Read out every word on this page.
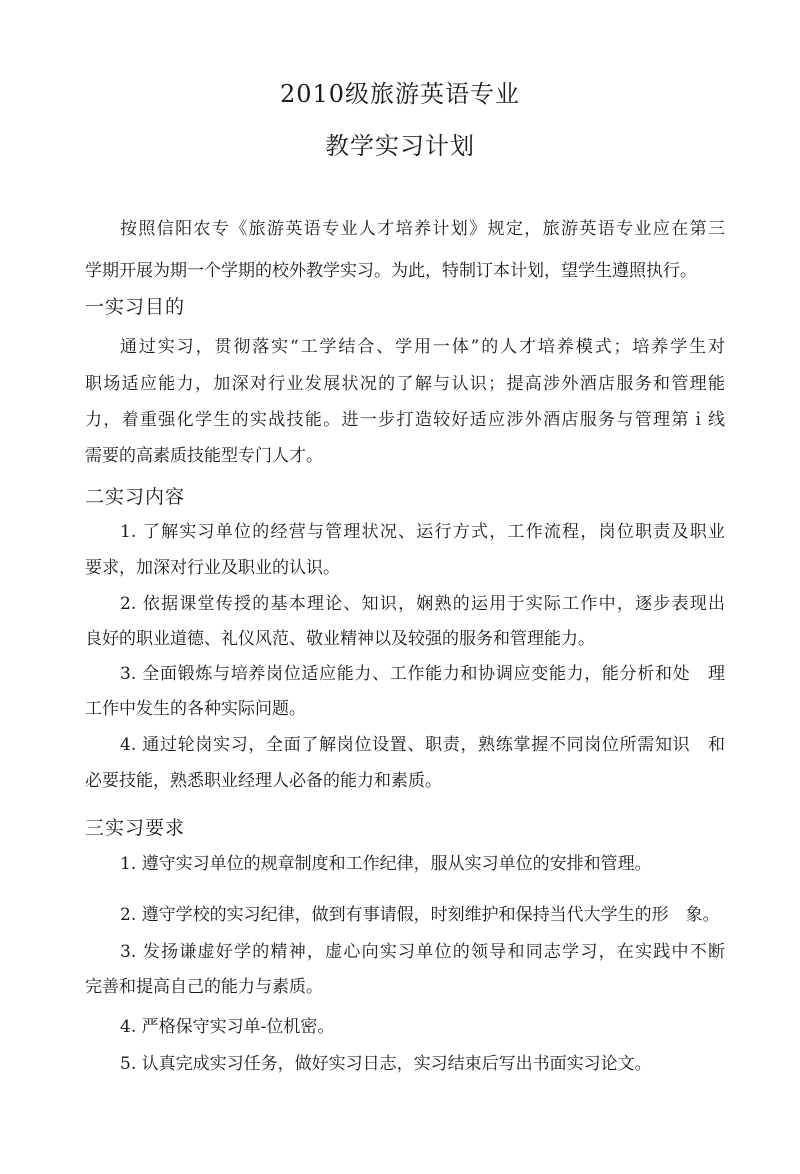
2010级旅游英语专业
教学实习计划
按照信阳农专《旅游英语专业人才培养计划》规定，旅游英语专业应在第三
学期开展为期一个学期的校外教学实习。为此，特制订本计划，望学生遵照执行。
一实习目的
通过实习，贯彻落实“工学结合、学用一体”的人才培养模式；培养学生对
职场适应能力，加深对行业发展状况的了解与认识；提高涉外酒店服务和管理能
力，着重强化学生的实战技能。进一步打造较好适应涉外酒店服务与管理第ｉ线
需要的高素质技能型专门人才。
二实习内容
1. 了解实习单位的经营与管理状况、运行方式，工作流程，岗位职责及职业
要求，加深对行业及职业的认识。
2. 依据课堂传授的基本理论、知识，娴熟的运用于实际工作中，逐步表现出
良好的职业道德、礼仪风范、敬业精神以及较强的服务和管理能力。
3. 全面锻炼与培养岗位适应能力、工作能力和协调应变能力，能分析和处　理
工作中发生的各种实际问题。
4. 通过轮岗实习，全面了解岗位设置、职责，熟练掌握不同岗位所需知识　和
必要技能，熟悉职业经理人必备的能力和素质。
三实习要求
1. 遵守实习单位的规章制度和工作纪律，服从实习单位的安排和管理。
2. 遵守学校的实习纪律，做到有事请假，时刻维护和保持当代大学生的形　象。
3. 发扬谦虚好学的精神，虚心向实习单位的领导和同志学习，在实践中不断
完善和提高自己的能力与素质。
4. 严格保守实习单-位机密。
5. 认真完成实习任务，做好实习日志，实习结束后写出书面实习论文。
